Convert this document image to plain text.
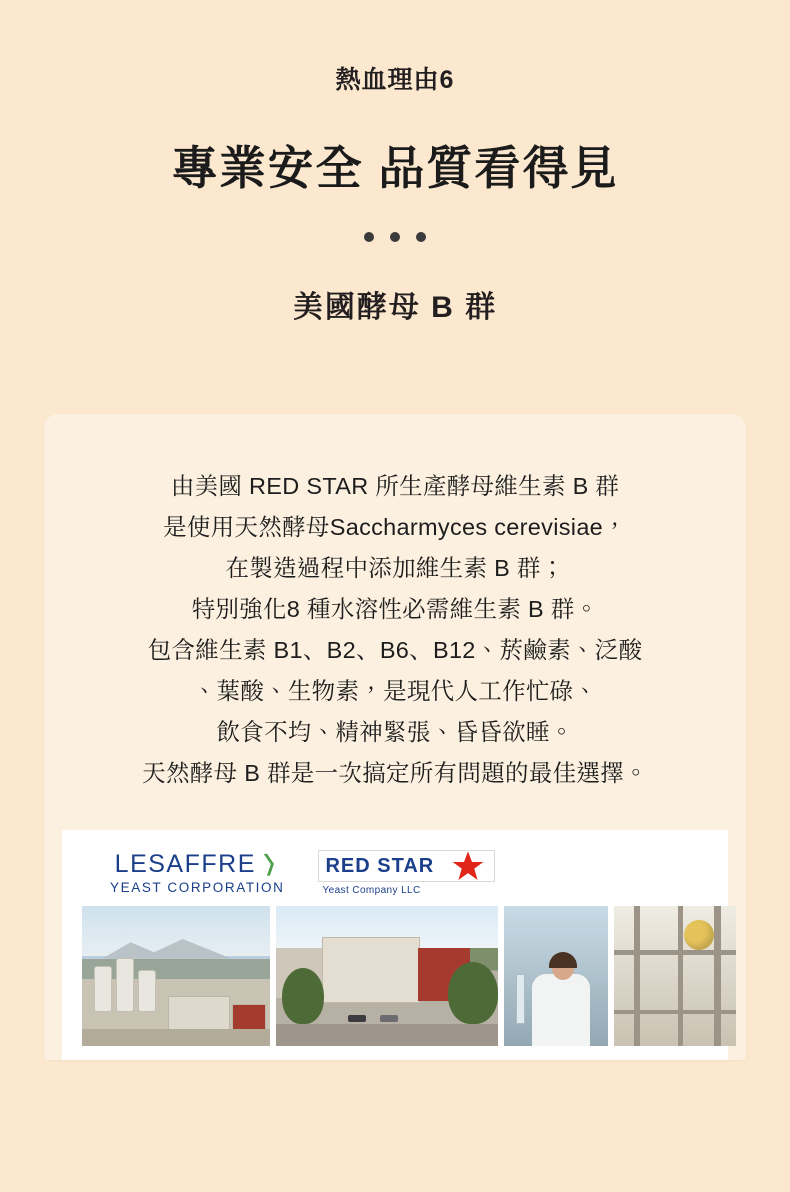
熱血理由6
專業安全 品質看得見
美國酵母 B 群
由美國 RED STAR 所生產酵母維生素 B 群
是使用天然酵母Saccharmyces cerevisiae，
在製造過程中添加維生素 B 群；
特別強化8 種水溶性必需維生素 B 群。
包含維生素 B1、B2、B6、B12、菸鹼素、泛酸
、葉酸、生物素，是現代人工作忙碌、
飲食不均、精神緊張、昏昏欲睡。
天然酵母 B 群是一次搞定所有問題的最佳選擇。
LESAFFRE ❭
YEAST CORPORATION
RED STAR
Yeast Company LLC
